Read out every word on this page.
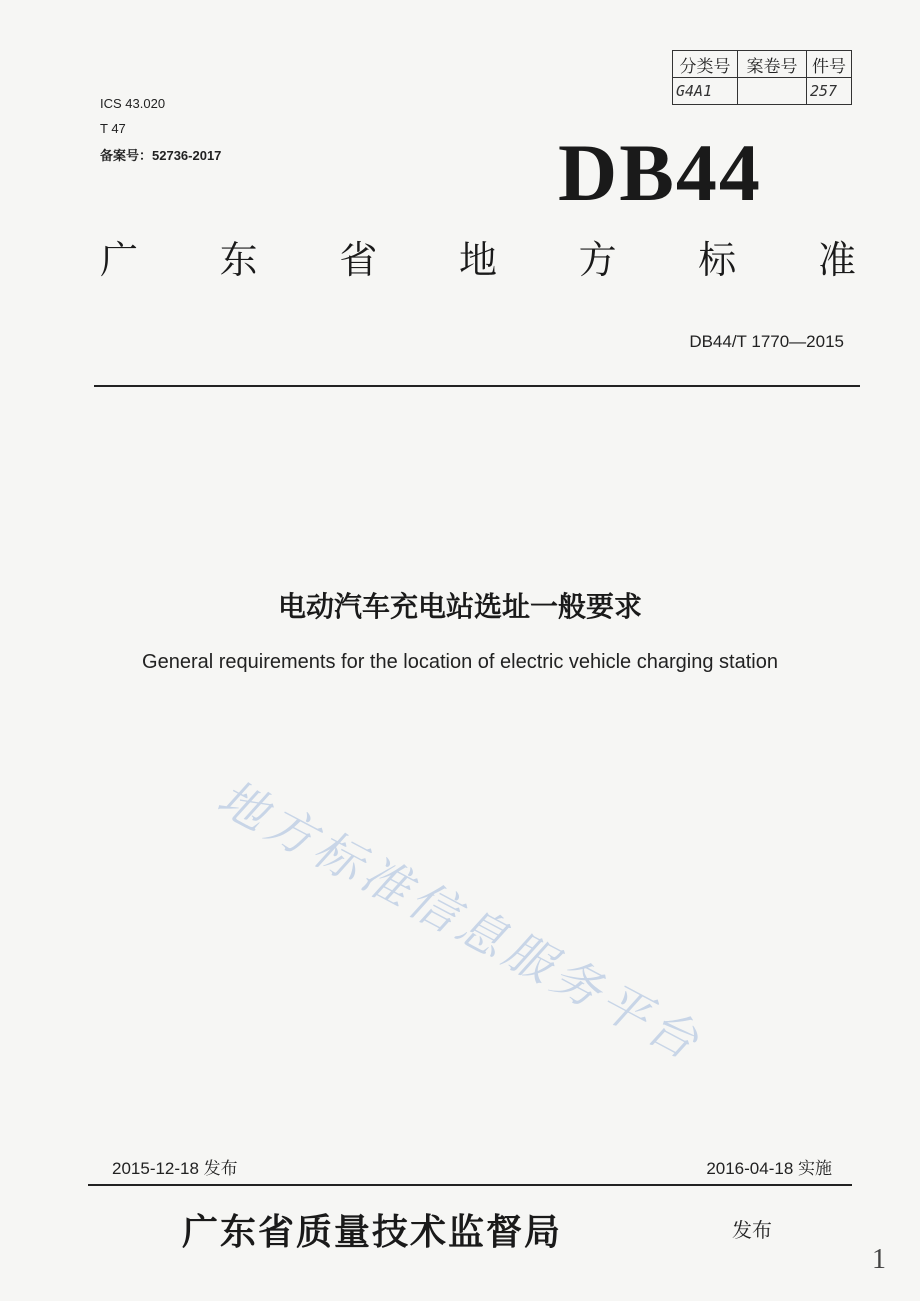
分类号	案卷号	件号
G4A1		257
ICS 43.020
T 47
备案号：52736-2017	DB44
广 东 省 地 方 标 准
DB44/T 1770—2015
电动汽车充电站选址一般要求
General requirements for the location of electric vehicle charging station
地方标准信息服务平台
2015-12-18 发布	2016-04-18 实施
广东省质量技术监督局	发布
1
